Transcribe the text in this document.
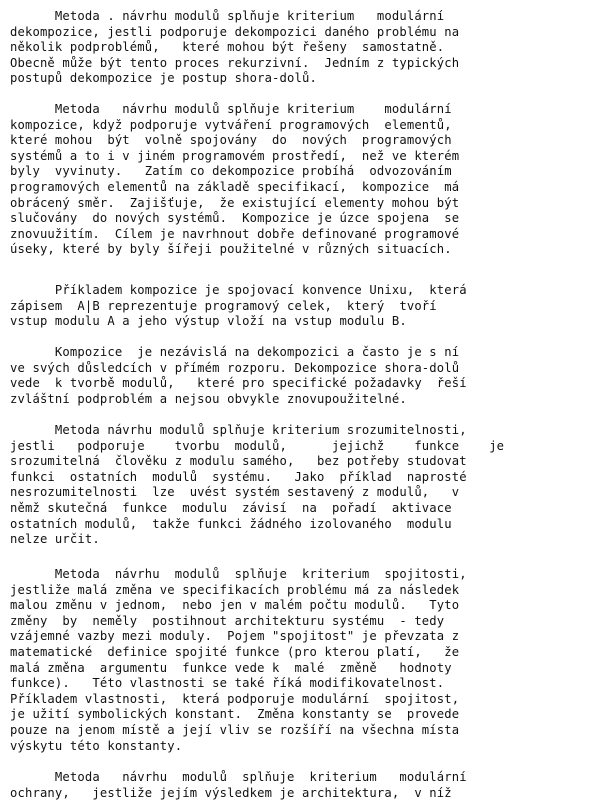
Metoda . návrhu modulů splňuje kriterium   modulární
dekompozice, jestli podporuje dekompozici daného problému na
několik podproblémů,   které mohou být řešeny  samostatně.
Obecně může být tento proces rekurzivní.  Jedním z typických
postupů dekompozice je postup shora-dolů.
Metoda   návrhu modulů splňuje kriterium    modulární
kompozice, když podporuje vytváření programových  elementů,
které mohou  být  volně spojovány  do  nových  programových
systémů a to i v jiném programovém prostředí,  než ve kterém
byly  vyvinuty.   Zatím co dekompozice probíhá  odvozováním
programových elementů na základě specifikací,  kompozice  má
obrácený směr.  Zajišťuje,  že existující elementy mohou být
slučovány  do nových systémů.  Kompozice je úzce spojena  se
znovuužitím.  Cílem je navrhnout dobře definované programové
úseky, které by byly šířeji použitelné v různých situacích.
Příkladem kompozice je spojovací konvence Unixu,  která
zápisem  A|B reprezentuje programový celek,  který  tvoří
vstup modulu A a jeho výstup vloží na vstup modulu B.
Kompozice  je nezávislá na dekompozici a často je s ní
ve svých důsledcích v přímém rozporu. Dekompozice shora-dolů
vede  k tvorbě modulů,   které pro specifické požadavky  řeší
zvláštní podproblém a nejsou obvykle znovupoužitelné.
Metoda návrhu modulů splňuje kriterium srozumitelnosti,
jestli   podporuje    tvorbu  modulů,      jejichž    funkce    je
srozumitelná  člověku z modulu samého,   bez potřeby studovat
funkci  ostatních  modulů  systému.   Jako  příklad  naprosté
nesrozumitelnosti  lze  uvést systém sestavený z modulů,   v
němž skutečná  funkce  modulu  závisí  na  pořadí  aktivace
ostatních modulů,  takže funkci žádného izolovaného  modulu
nelze určit.
Metoda  návrhu  modulů  splňuje  kriterium  spojitosti,
jestliže malá změna ve specifikacích problému má za následek
malou změnu v jednom,  nebo jen v malém počtu modulů.   Tyto
změny  by  neměly  postihnout architekturu systému  - tedy
vzájemné vazby mezi moduly.  Pojem "spojitost" je převzata z
matematické  definice spojité funkce (pro kterou platí,   že
malá změna  argumentu  funkce vede k  malé  změně   hodnoty
funkce).   Této vlastnosti se také říká modifikovatelnost.
Příkladem vlastnosti,  která podporuje modulární  spojitost,
je užití symbolických konstant.  Změna konstanty se  provede
pouze na jenom místě a její vliv se rozšíří na všechna místa
výskytu této konstanty.
Metoda   návrhu  modulů  splňuje  kriterium   modulární
ochrany,   jestliže jejím výsledkem je architektura,  v níž
